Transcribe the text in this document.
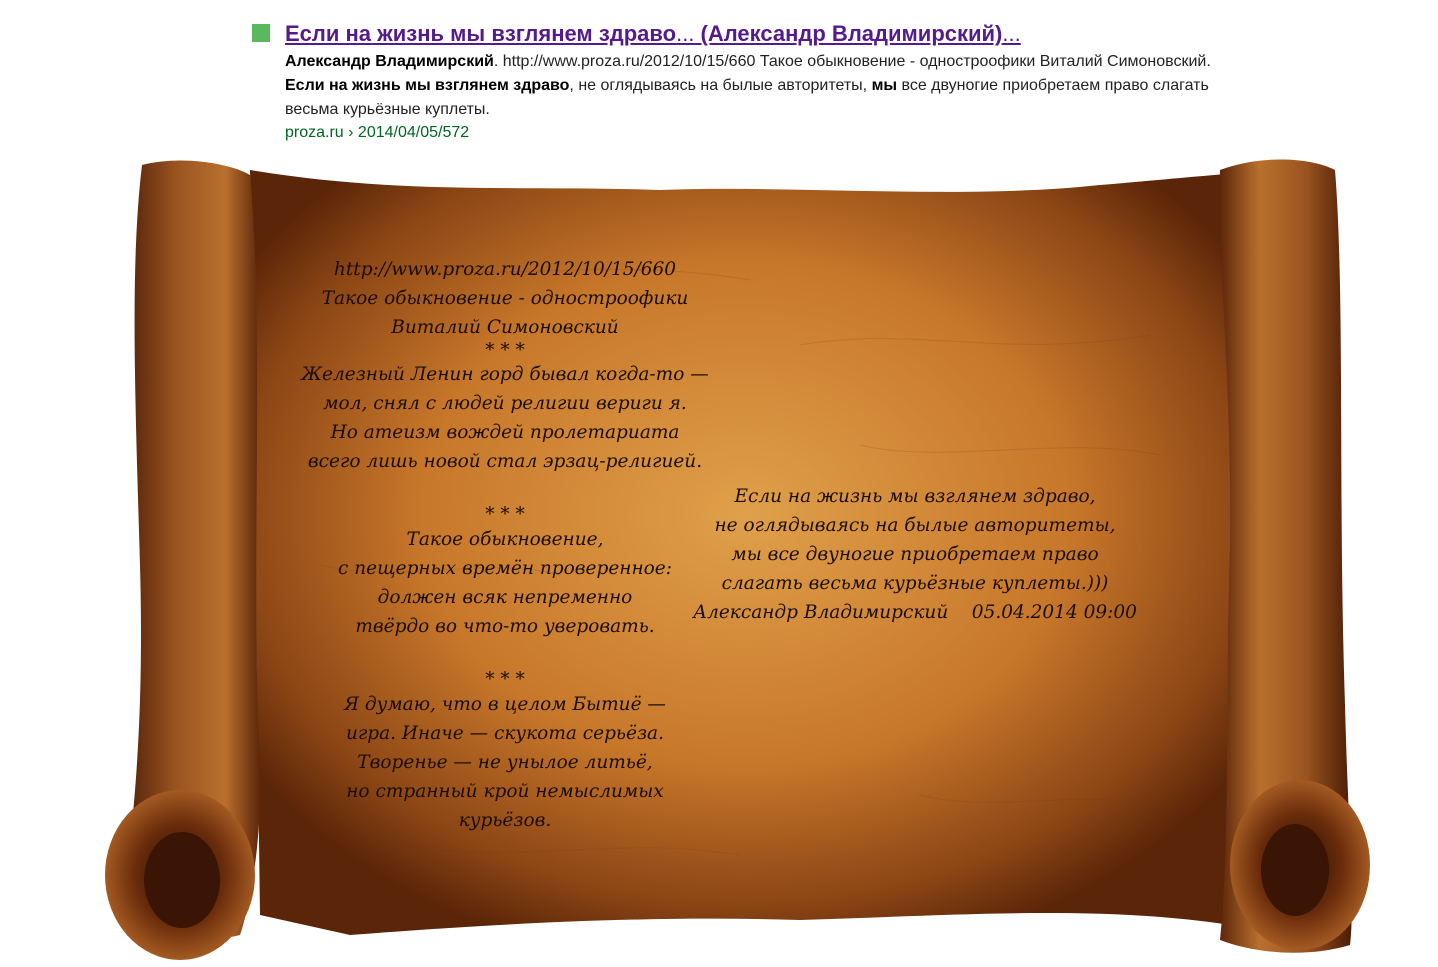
Если на жизнь мы взглянем здраво... (Александр Владимирский)...
Александр Владимирский. http://www.proza.ru/2012/10/15/660 Такое обыкновение - одностроофики Виталий Симоновский. Если на жизнь мы взглянем здраво, не оглядываясь на былые авторитеты, мы все двуногие приобретаем право слагать весьма курьёзные куплеты.
proza.ru › 2014/04/05/572
http://www.proza.ru/2012/10/15/660
Такое обыкновение - одностроофики
Виталий Симоновский
* * *
Железный Ленин горд бывал когда-то —
мол, снял с людей религии вериги я.
Но атеизм вождей пролетариата
всего лишь новой стал эрзац-религией.
* * *
Такое обыкновение,
с пещерных времён проверенное:
должен всяк непременно
твёрдо во что-то уверовать.
* * *
Я думаю, что в целом Бытиё —
игра. Иначе — скукота серьёза.
Творенье — не унылое литьё,
но странный крой немыслимых курьёзов.
Если на жизнь мы взглянем здраво,
не оглядываясь на былые авторитеты,
мы все двуногие приобретаем право
слагать весьма курьёзные куплеты.)))
Александр Владимирский 05.04.2014 09:00
